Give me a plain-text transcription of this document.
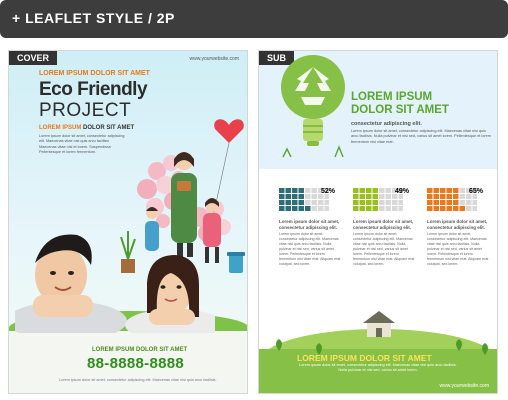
+ LEAFLET STYLE / 2P
COVER	www.yourwebsite.com
LOREM IPSUM DOLOR SIT AMET
Eco Friendly
PROJECT
LOREM IPSUM DOLOR SIT AMET
Lorem ipsum dolor sit amet, consectetur adipiscing
elit. Maecenas vitae nisi quis arcu facilisis
Maecenas vitae nisi et lorem. Suspendisse
Pellentesque et lorem fermentum.
LOREM IPSUM DOLOR SIT AMET
88-8888-8888
Lorem ipsum dolor sit amet, consectetur adipiscing elit. Maecenas vitae nisi quis arcu facilisis.
SUB
LOREM IPSUM
DOLOR SIT AMET
consectetur adipiscing elit.
Lorem ipsum dolor sit amet, consectetur adipiscing elit. Maecenas vitae nisi quis arcu facilisis. Nulla pulvinar et nisi sed, varius sit amet lorem. Pellentesque et lorem fermentum nisi vitae erat.
52%	49%	65%
Lorem ipsum dolor sit amet,
consectetur adipiscing elit.
Lorem ipsum dolor sit amet,
consectetur adipiscing elit.
Lorem ipsum dolor sit amet,
consectetur adipiscing elit.
Lorem ipsum dolor sit amet, consectetur adipiscing elit. Maecenas vitae nisi quis arcu facilisis. Nulla pulvinar et nisi sed, varius sit amet lorem. Pellentesque et lorem fermentum nisi vitae erat. Aliquam erat volutpat, sed lorem.
Lorem ipsum dolor sit amet, consectetur adipiscing elit. Maecenas vitae nisi quis arcu facilisis. Nulla pulvinar et nisi sed, varius sit amet lorem. Pellentesque et lorem fermentum nisi vitae erat. Aliquam erat volutpat, sed lorem.
Lorem ipsum dolor sit amet, consectetur adipiscing elit. Maecenas vitae nisi quis arcu facilisis. Nulla pulvinar et nisi sed, varius sit amet lorem. Pellentesque et lorem fermentum nisi vitae erat. Aliquam erat volutpat, sed lorem.
LOREM IPSUM DOLOR SIT AMET
Lorem ipsum dolor sit amet, consectetur adipiscing elit. Maecenas vitae nisi quis arcu facilisis. Nulla pulvinar et nisi sed, varius sit amet lorem.
www.yourwebsite.com
